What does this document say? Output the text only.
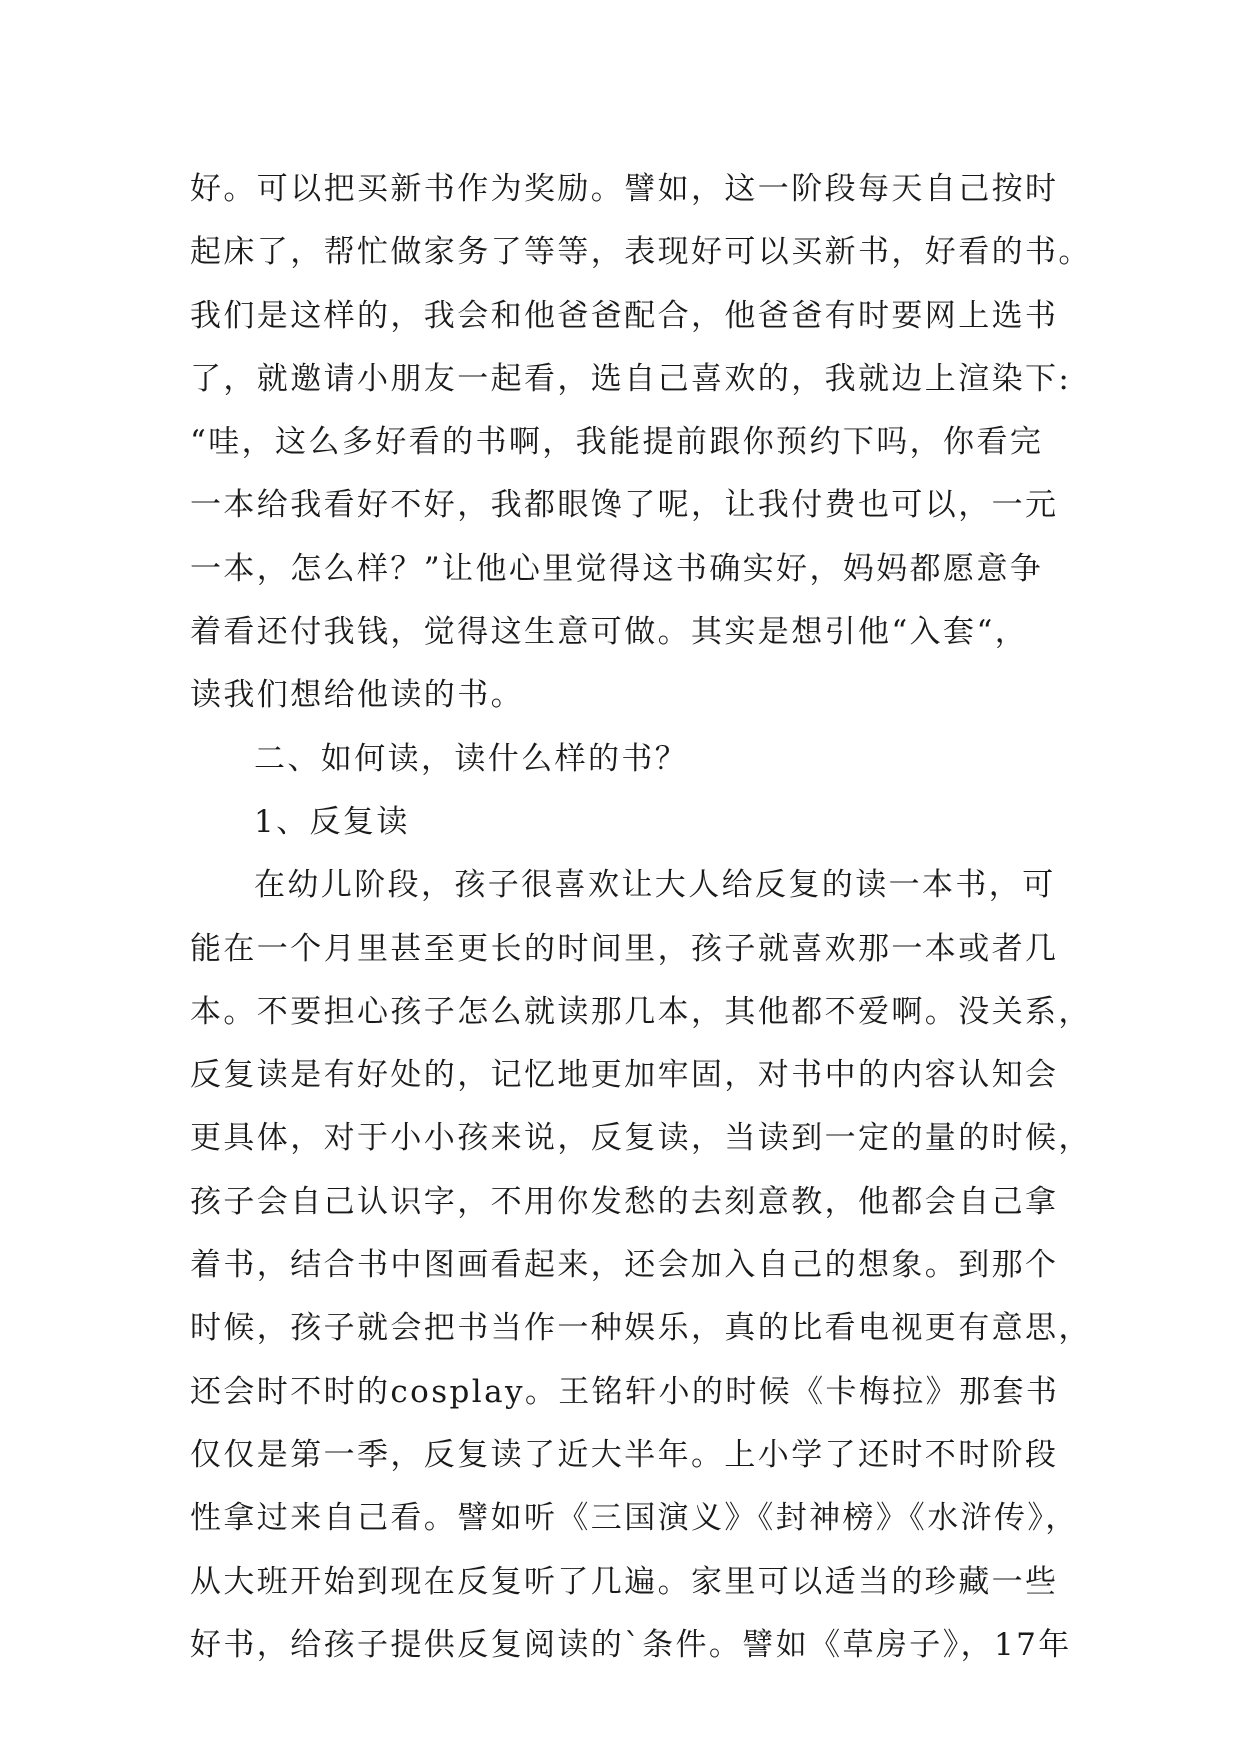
好。可以把买新书作为奖励。譬如，这一阶段每天自己按时
起床了，帮忙做家务了等等，表现好可以买新书，好看的书。
我们是这样的，我会和他爸爸配合，他爸爸有时要网上选书
了，就邀请小朋友一起看，选自己喜欢的，我就边上渲染下:
“哇，这么多好看的书啊，我能提前跟你预约下吗，你看完
一本给我看好不好，我都眼馋了呢，让我付费也可以，一元
一本，怎么样？”让他心里觉得这书确实好，妈妈都愿意争
着看还付我钱，觉得这生意可做。其实是想引他“入套“，
读我们想给他读的书。
二、如何读，读什么样的书？
1、反复读
在幼儿阶段，孩子很喜欢让大人给反复的读一本书，可
能在一个月里甚至更长的时间里，孩子就喜欢那一本或者几
本。不要担心孩子怎么就读那几本，其他都不爱啊。没关系，
反复读是有好处的，记忆地更加牢固，对书中的内容认知会
更具体，对于小小孩来说，反复读，当读到一定的量的时候，
孩子会自己认识字，不用你发愁的去刻意教，他都会自己拿
着书，结合书中图画看起来，还会加入自己的想象。到那个
时候，孩子就会把书当作一种娱乐，真的比看电视更有意思，
还会时不时的cosplay。王铭轩小的时候《卡梅拉》那套书
仅仅是第一季，反复读了近大半年。上小学了还时不时阶段
性拿过来自己看。譬如听《三国演义》《封神榜》《水浒传》，
从大班开始到现在反复听了几遍。家里可以适当的珍藏一些
好书，给孩子提供反复阅读的`条件。譬如《草房子》，17年
